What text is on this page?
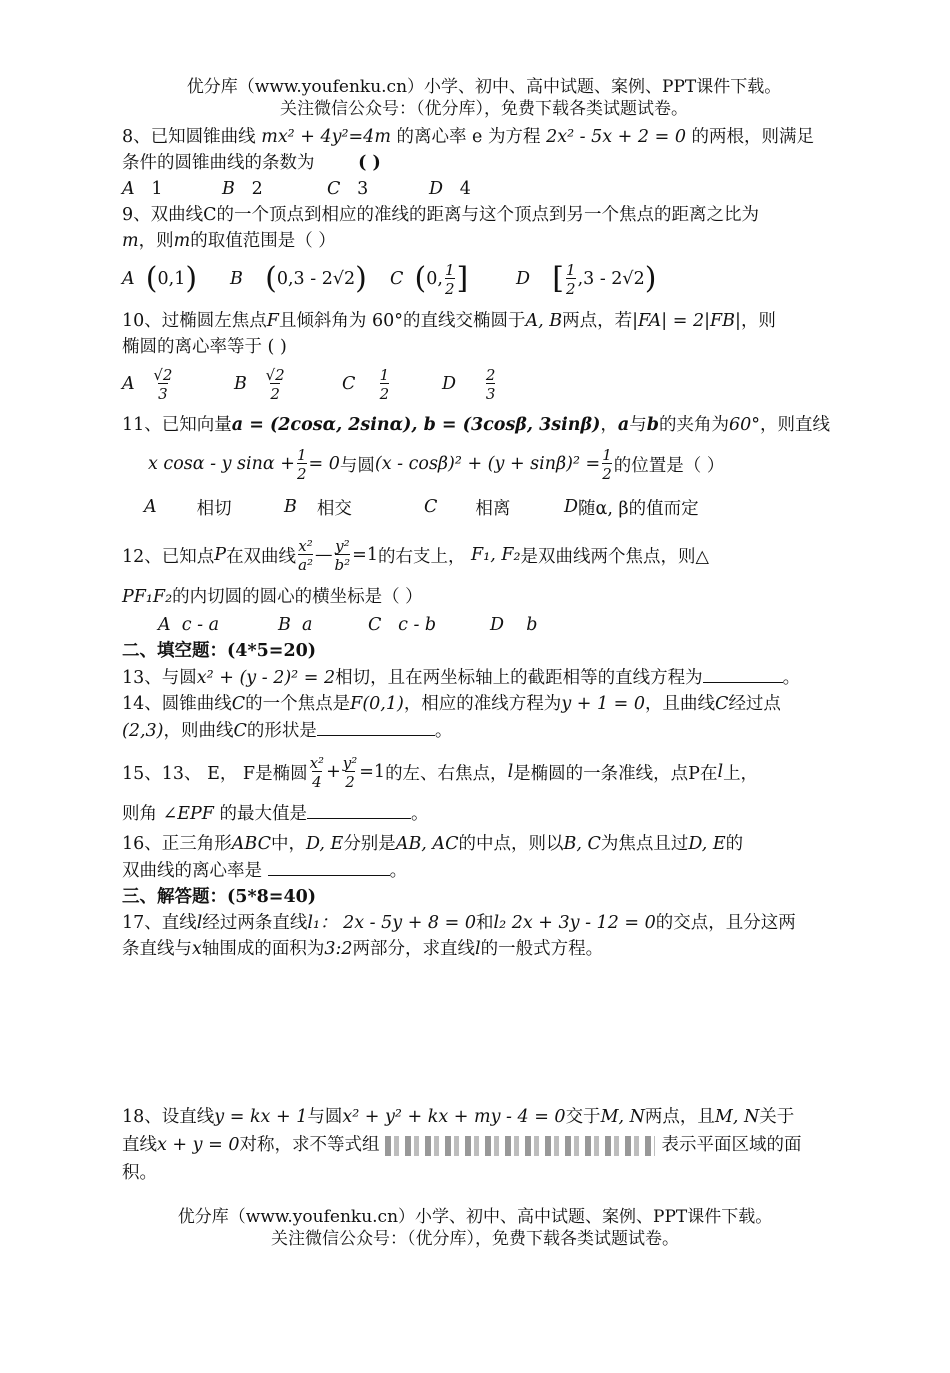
优分库（www.youfenku.cn）小学、初中、高中试题、案例、PPT课件下载。
关注微信公众号：（优分库），免费下载各类试题试卷。

8、已知圆锥曲线 mx² + 4y²=4m 的离心率 e 为方程 2x² - 5x + 2 = 0 的两根，则满足

条件的圆锥曲线的条数为 ( )

A
1	B
2	C
3	D
4

9、双曲线C的一个顶点到相应的准线的距离与这个顶点到另一个焦点的距离之比为

m，则m的取值范围是（ ）

A
( 0,1 ) B
( 0,3 - 2√2 ) C
( 0, $\frac{1}{2}$ ]	D
[ $\frac{1}{2} ,3 - 2√2$ )

10、过椭圆左焦点F且倾斜角为 60°的直线交椭圆于A, B两点，若|FA| = 2|FB|，则

椭圆的离心率等于 ( )

A
$\frac{√2}{3}$	B
$\frac{√2}{2}$	C
$\frac{1}{2}$	D
$\frac{2}{3}$

11、已知向量a = (2cosα, 2sinα), b = (3cosβ, 3sinβ)，a与b的夹角为60°，则直线

x cosα - y $\sin\alpha + \frac{1}{2} = 0$ 与圆 $(x - \cos\beta)^2 + (y + \sin\beta)^2 = \frac{1}{2}$ 的位置是（ ）
A 相切	B 相交	C 相离	D 随α, β的值而定
12、已知点 P 在双曲线 $\frac{\text{x²}}{\text{a²}}$ — $\frac{\text{y²}}{\text{b²}} =1$ 的右支上，
F₁, F₂ 是双曲线两个焦点，则△

PF₁F₂的内切圆的圆心的横坐标是（ ）

A
c - a	B
a	C
c - b	D
b
二、填空题：(4*5=20)

13、与圆x² + (y - 2)² = 2相切，且在两坐标轴上的截距相等的直线方程为	。

14、圆锥曲线C的一个焦点是F(0,1)，相应的准线方程为y + 1 = 0，且曲线C经过点

(2,3)，则曲线C的形状是	。

15、13、 E， F是椭圆 $\frac{\text{x²}}{4} + \frac{\text{y²}}{2} =1$ 的左、右焦点， l 是椭圆的一条准线，点P在 l 上，

则角 ∠EPF 的最大值是	。

16、正三角形ABC中，D, E分别是AB, AC的中点，则以B, C为焦点且过D, E的

双曲线的离心率是	。

三、解答题：(5*8=40)

17、直线l经过两条直线l₁： 2x - 5y + 8 = 0和l₂ 2x + 3y - 12 = 0的交点，且分这两

条直线与x轴围成的面积为3:2两部分，求直线l的一般式方程。

18、设直线y = kx + 1与圆x² + y² + kx + my - 4 = 0交于M, N两点，且M, N关于

直线x + y = 0对称，求不等式组	表示平面区域的面

积。

优分库（www.youfenku.cn）小学、初中、高中试题、案例、PPT课件下载。
关注微信公众号：（优分库），免费下载各类试题试卷。
